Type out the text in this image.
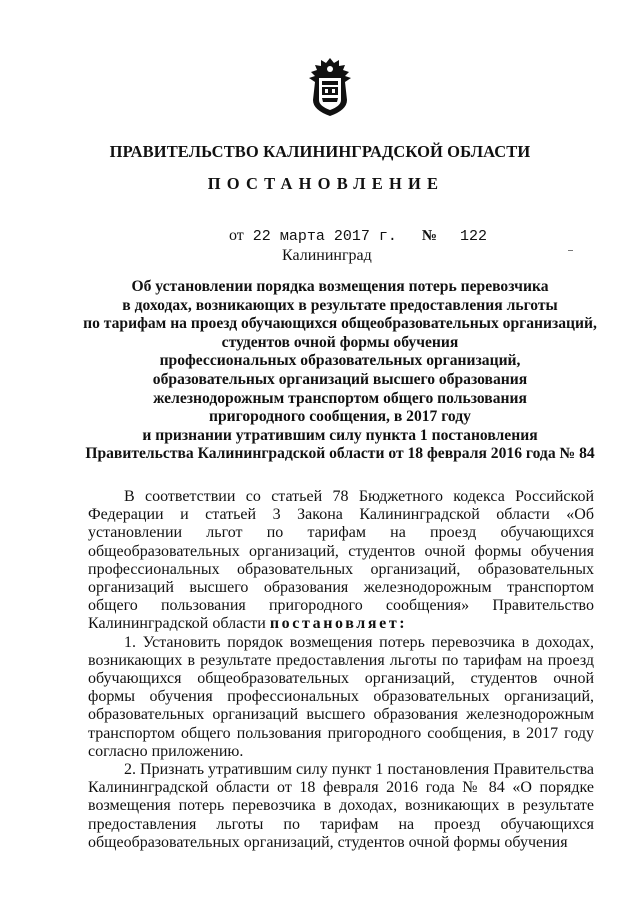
ПРАВИТЕЛЬСТВО КАЛИНИНГРАДСКОЙ ОБЛАСТИ
ПОСТАНОВЛЕНИЕ
от 22 марта 2017 г. № 122
Калининград
Об установлении порядка возмещения потерь перевозчика
в доходах, возникающих в результате предоставления льготы
по тарифам на проезд обучающихся общеобразовательных организаций,
студентов очной формы обучения
профессиональных образовательных организаций,
образовательных организаций высшего образования
железнодорожным транспортом общего пользования
пригородного сообщения, в 2017 году
и признании утратившим силу пункта 1 постановления
Правительства Калининградской области от 18 февраля 2016 года № 84

В соответствии со статьей 78 Бюджетного кодекса Российской Федерации и статьей 3 Закона Калининградской области «Об установлении льгот по тарифам на проезд обучающихся общеобразовательных организаций, студентов очной формы обучения профессиональных образовательных организаций, образовательных организаций высшего образования железнодорожным транспортом общего пользования пригородного сообщения» Правительство Калининградской области постановляет:

1. Установить порядок возмещения потерь перевозчика в доходах, возникающих в результате предоставления льготы по тарифам на проезд обучающихся общеобразовательных организаций, студентов очной формы обучения профессиональных образовательных организаций, образовательных организаций высшего образования железнодорожным транспортом общего пользования пригородного сообщения, в 2017 году согласно приложению.

2. Признать утратившим силу пункт 1 постановления Правительства Калининградской области от 18 февраля 2016 года № 84 «О порядке возмещения потерь перевозчика в доходах, возникающих в результате предоставления льготы по тарифам на проезд обучающихся общеобразовательных организаций, студентов очной формы обучения
